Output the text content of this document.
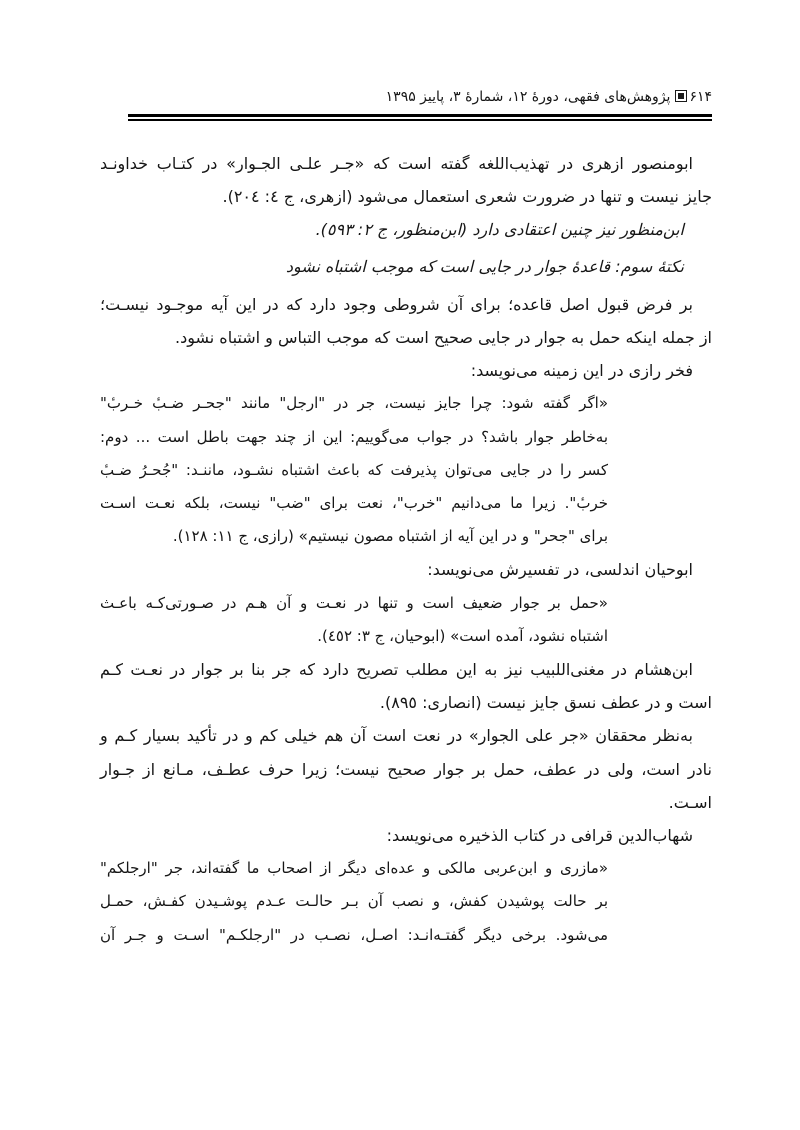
۶۱۴
پژوهش‌های فقهی، دورۀ ۱۲، شمارۀ ۳، پاییز ۱۳۹۵
ابومنصور ازهری در تهذیب‌اللغه گفته است که «جـر علـی الجـوار» در کتـاب خداونـد
جایز نیست و تنها در ضرورت شعری استعمال می‌شود (ازهری، ج ٤: ٢٠٤).
ابن‌منظور نیز چنین اعتقادی دارد (ابن‌منظور، ج ٢: ٥٩٣).
نکتۀ سوم: قاعدۀ جوار در جایی است که موجب اشتباه نشود
بر فرض قبول اصل قاعده؛ برای آن شروطی وجود دارد که در این آیه موجـود نیسـت؛
از جمله اینکه حمل به جوار در جایی صحیح است که موجب التباس و اشتباه نشود.
فخر رازی در این زمینه می‌نویسد:
«اگر گفته شود: چرا جایز نیست، جر در "ارجل" مانند "جحـر ضـبٔ خـربٔ"
به‌خاطر جوار باشد؟ در جواب می‌گوییم: این از چند جهت باطل است ... دوم:
کسر را در جایی می‌توان پذیرفت که باعث اشتباه نشـود، ماننـد: "جُحـرُ ضـبٔ
خربٔ". زیرا ما می‌دانیم "خرب"، نعت برای "ضب" نیست، بلکه نعـت اسـت
برای "جحر" و در این آیه از اشتباه مصون نیستیم» (رازی، ج ١١: ١٢٨).
ابوحیان اندلسی، در تفسیرش می‌نویسد:
«حمل بر جوار ضعیف است و تنها در نعـت و آن هـم در صـورتی‌کـه باعـث
اشتباه نشود، آمده است» (ابوحیان، ج ٣: ٤٥٢).
ابن‌هشام در مغنی‌اللبیب نیز به این مطلب تصریح دارد که جر بنا بر جوار در نعـت کـم
است و در عطف نسق جایز نیست (انصاری: ٨٩٥).
به‌نظر محققان «جر علی الجوار» در نعت است آن هم خیلی کم و در تأکید بسیار کـم و
نادر است، ولی در عطف، حمل بر جوار صحیح نیست؛ زیرا حرف عطـف، مـانع از جـوار
اسـت.
شهاب‌الدین قرافی در کتاب الذخیره می‌نویسد:
«مازری و ابن‌عربی مالکی و عده‌ای دیگر از اصحاب ما گفته‌اند، جر "ارجلکم"
بر حالت پوشیدن کفش، و نصب آن بـر حالـت عـدم پوشـیدن کفـش، حمـل
می‌شود. برخی دیگر گفتـه‌انـد: اصـل، نصـب در "ارجلکـم" اسـت و جـر آن
